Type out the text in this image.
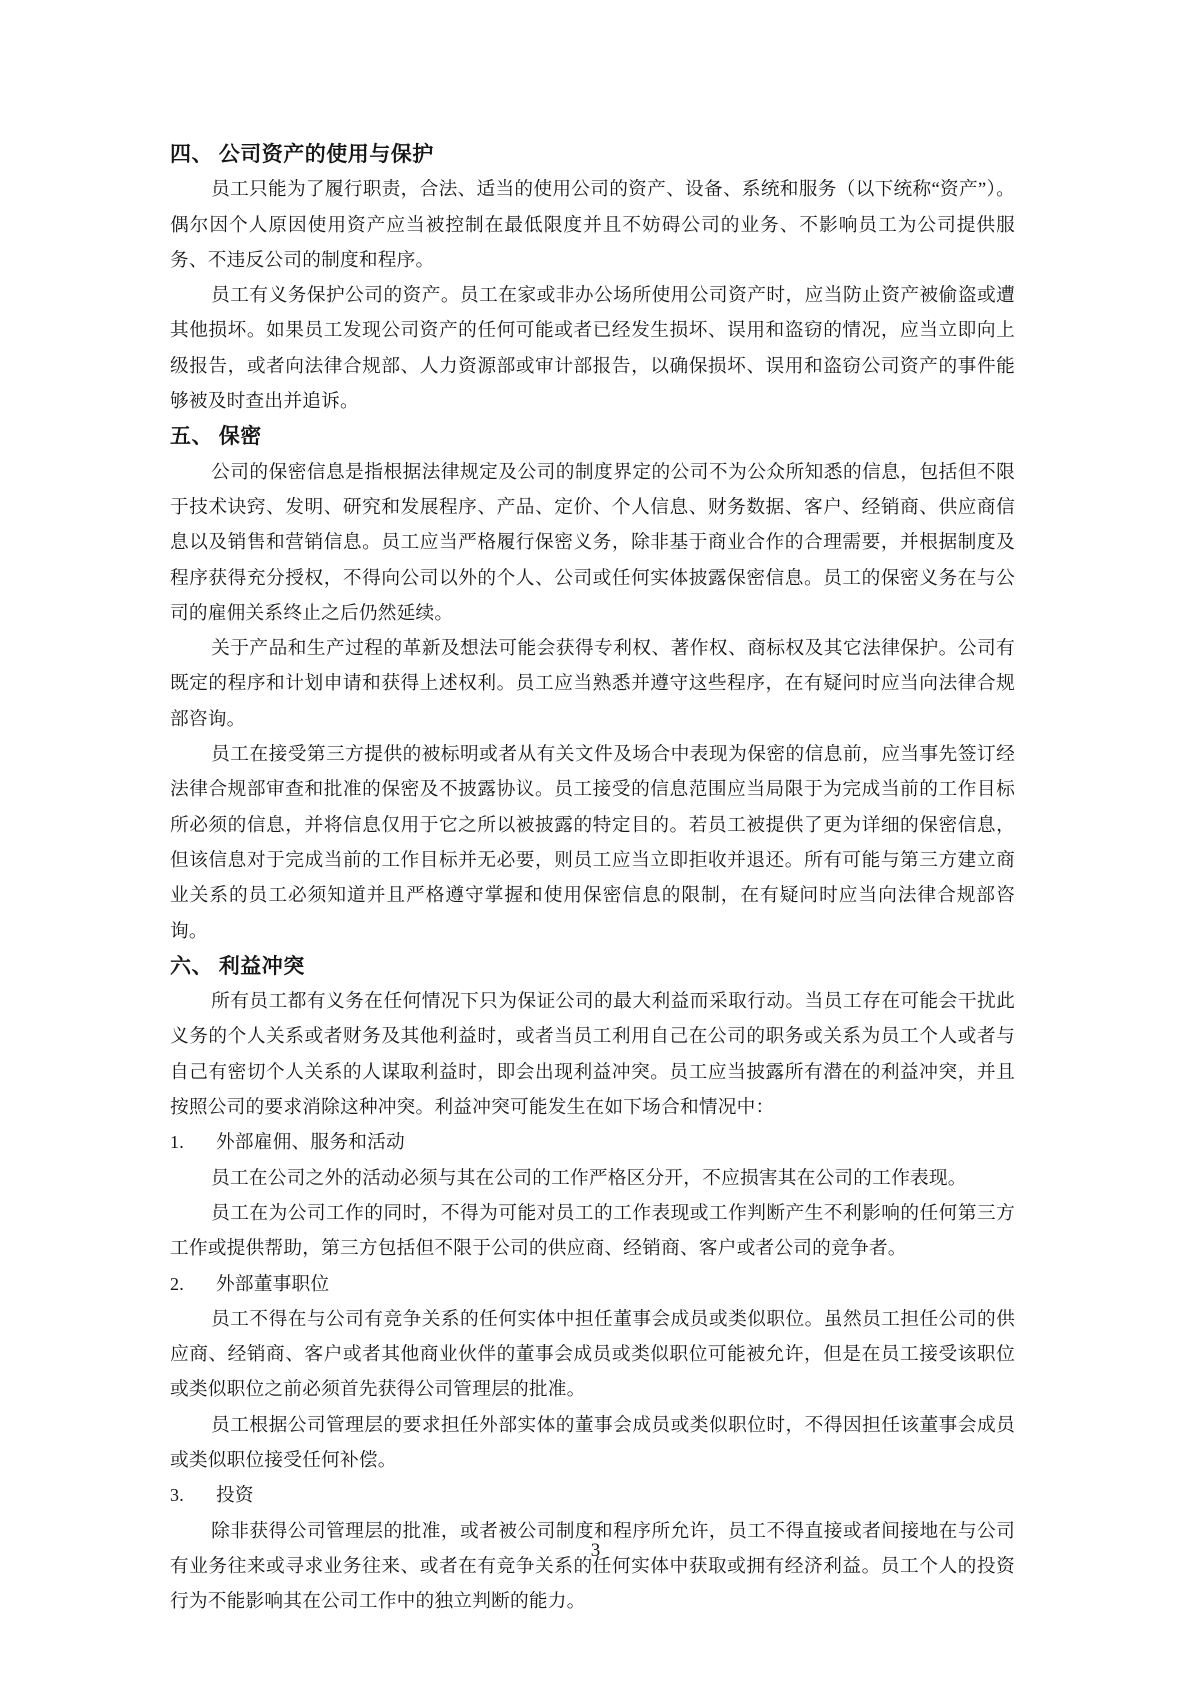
四、 公司资产的使用与保护
员工只能为了履行职责，合法、适当的使用公司的资产、设备、系统和服务（以下统称“资产”）。偶尔因个人原因使用资产应当被控制在最低限度并且不妨碍公司的业务、不影响员工为公司提供服务、不违反公司的制度和程序。
员工有义务保护公司的资产。员工在家或非办公场所使用公司资产时，应当防止资产被偷盗或遭其他损坏。如果员工发现公司资产的任何可能或者已经发生损坏、误用和盗窃的情况，应当立即向上级报告，或者向法律合规部、人力资源部或审计部报告，以确保损坏、误用和盗窃公司资产的事件能够被及时查出并追诉。
五、 保密
公司的保密信息是指根据法律规定及公司的制度界定的公司不为公众所知悉的信息，包括但不限于技术诀窍、发明、研究和发展程序、产品、定价、个人信息、财务数据、客户、经销商、供应商信息以及销售和营销信息。员工应当严格履行保密义务，除非基于商业合作的合理需要，并根据制度及程序获得充分授权，不得向公司以外的个人、公司或任何实体披露保密信息。员工的保密义务在与公司的雇佣关系终止之后仍然延续。
关于产品和生产过程的革新及想法可能会获得专利权、著作权、商标权及其它法律保护。公司有既定的程序和计划申请和获得上述权利。员工应当熟悉并遵守这些程序，在有疑问时应当向法律合规部咨询。
员工在接受第三方提供的被标明或者从有关文件及场合中表现为保密的信息前，应当事先签订经法律合规部审查和批准的保密及不披露协议。员工接受的信息范围应当局限于为完成当前的工作目标所必须的信息，并将信息仅用于它之所以被披露的特定目的。若员工被提供了更为详细的保密信息，但该信息对于完成当前的工作目标并无必要，则员工应当立即拒收并退还。所有可能与第三方建立商业关系的员工必须知道并且严格遵守掌握和使用保密信息的限制，在有疑问时应当向法律合规部咨询。
六、 利益冲突
所有员工都有义务在任何情况下只为保证公司的最大利益而采取行动。当员工存在可能会干扰此义务的个人关系或者财务及其他利益时，或者当员工利用自己在公司的职务或关系为员工个人或者与自己有密切个人关系的人谋取利益时，即会出现利益冲突。员工应当披露所有潜在的利益冲突，并且按照公司的要求消除这种冲突。利益冲突可能发生在如下场合和情况中：
1. 外部雇佣、服务和活动
员工在公司之外的活动必须与其在公司的工作严格区分开，不应损害其在公司的工作表现。
员工在为公司工作的同时，不得为可能对员工的工作表现或工作判断产生不利影响的任何第三方工作或提供帮助，第三方包括但不限于公司的供应商、经销商、客户或者公司的竞争者。
2. 外部董事职位
员工不得在与公司有竞争关系的任何实体中担任董事会成员或类似职位。虽然员工担任公司的供应商、经销商、客户或者其他商业伙伴的董事会成员或类似职位可能被允许，但是在员工接受该职位或类似职位之前必须首先获得公司管理层的批准。
员工根据公司管理层的要求担任外部实体的董事会成员或类似职位时，不得因担任该董事会成员或类似职位接受任何补偿。
3. 投资
除非获得公司管理层的批准，或者被公司制度和程序所允许，员工不得直接或者间接地在与公司有业务往来或寻求业务往来、或者在有竞争关系的任何实体中获取或拥有经济利益。员工个人的投资行为不能影响其在公司工作中的独立判断的能力。
3
